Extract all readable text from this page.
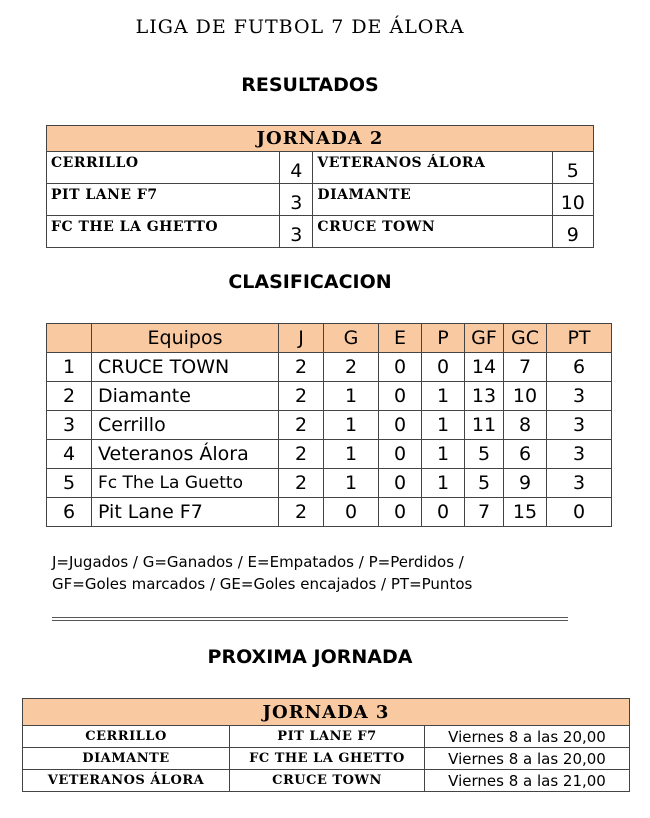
LIGA DE FUTBOL 7 DE ÁLORA
RESULTADOS
JORNADA 2			
CERRILLO	4	VETERANOS ÁLORA	5
PIT LANE F7	3	DIAMANTE	10
FC THE LA GHETTO	3	CRUCE TOWN	9
CLASIFICACION
	Equipos	J	G	E	P	GF	GC	PT
1	CRUCE TOWN	2	2	0	0	14	7	6
2	Diamante	2	1	0	1	13	10	3
3	Cerrillo	2	1	0	1	11	8	3
4	Veteranos Álora	2	1	0	1	5	6	3
5	Fc The La Guetto	2	1	0	1	5	9	3
6	Pit Lane F7	2	0	0	0	7	15	0
J=Jugados / G=Ganados / E=Empatados / P=Perdidos /
GF=Goles marcados / GE=Goles encajados / PT=Puntos
PROXIMA JORNADA
JORNADA 3		
CERRILLO	PIT LANE F7	Viernes 8 a las 20,00
DIAMANTE	FC THE LA GHETTO	Viernes 8 a las 20,00
VETERANOS ÁLORA	CRUCE TOWN	Viernes 8 a las 21,00
